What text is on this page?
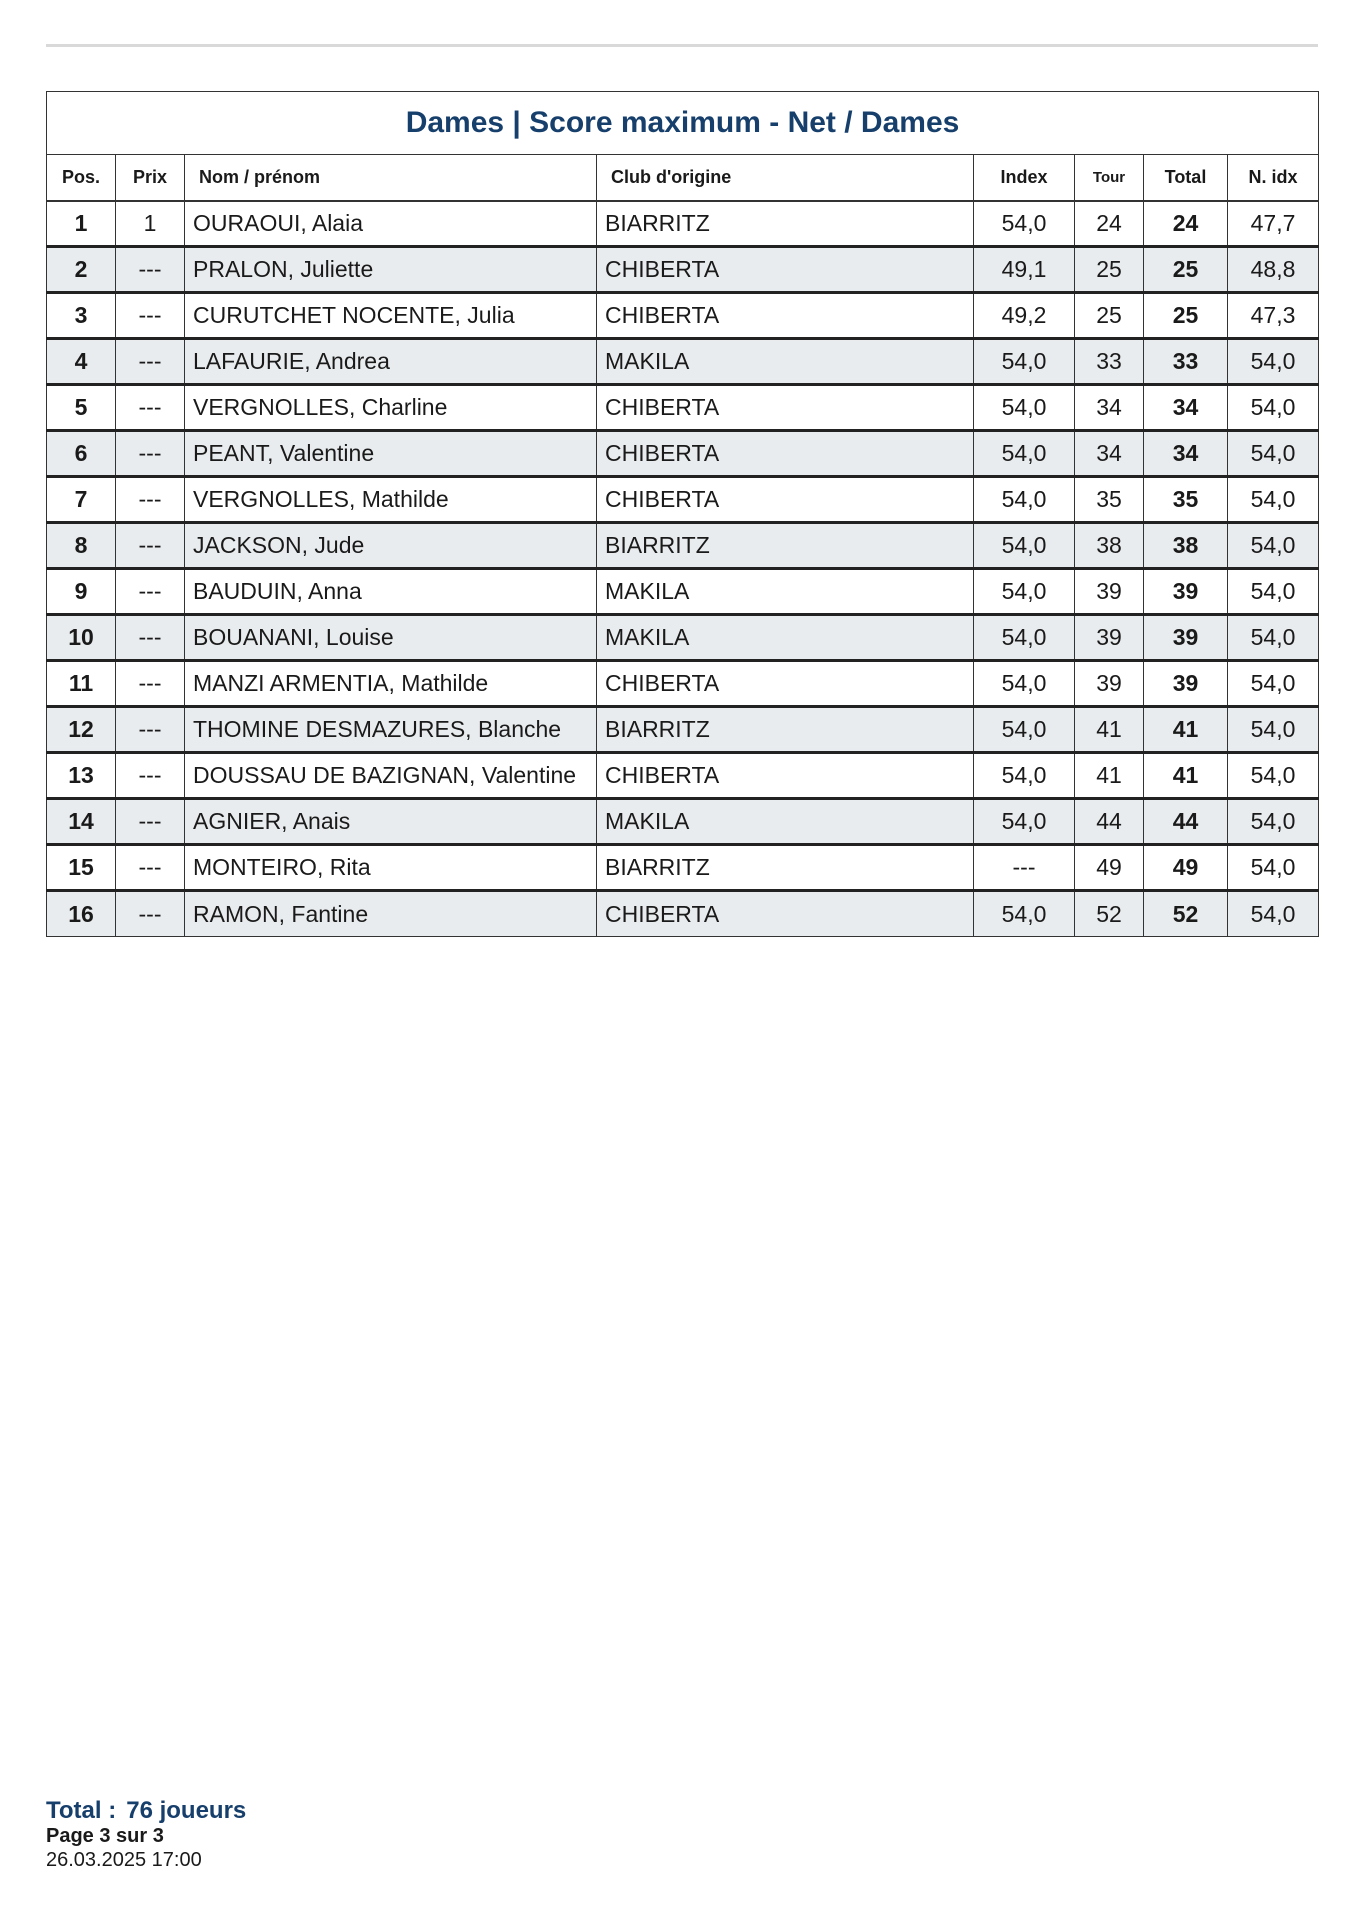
Dames | Score maximum - Net / Dames							
Pos.	Prix	Nom / prénom	Club d'origine	Index	Tour	Total	N. idx
1	1	OURAOUI, Alaia	BIARRITZ	54,0	24	24	47,7
2	---	PRALON, Juliette	CHIBERTA	49,1	25	25	48,8
3	---	CURUTCHET NOCENTE, Julia	CHIBERTA	49,2	25	25	47,3
4	---	LAFAURIE, Andrea	MAKILA	54,0	33	33	54,0
5	---	VERGNOLLES, Charline	CHIBERTA	54,0	34	34	54,0
6	---	PEANT, Valentine	CHIBERTA	54,0	34	34	54,0
7	---	VERGNOLLES, Mathilde	CHIBERTA	54,0	35	35	54,0
8	---	JACKSON, Jude	BIARRITZ	54,0	38	38	54,0
9	---	BAUDUIN, Anna	MAKILA	54,0	39	39	54,0
10	---	BOUANANI, Louise	MAKILA	54,0	39	39	54,0
11	---	MANZI ARMENTIA, Mathilde	CHIBERTA	54,0	39	39	54,0
12	---	THOMINE DESMAZURES, Blanche	BIARRITZ	54,0	41	41	54,0
13	---	DOUSSAU DE BAZIGNAN, Valentine	CHIBERTA	54,0	41	41	54,0
14	---	AGNIER, Anais	MAKILA	54,0	44	44	54,0
15	---	MONTEIRO, Rita	BIARRITZ	---	49	49	54,0
16	---	RAMON, Fantine	CHIBERTA	54,0	52	52	54,0
Total : 76 joueurs
Page 3 sur 3
26.03.2025 17:00
